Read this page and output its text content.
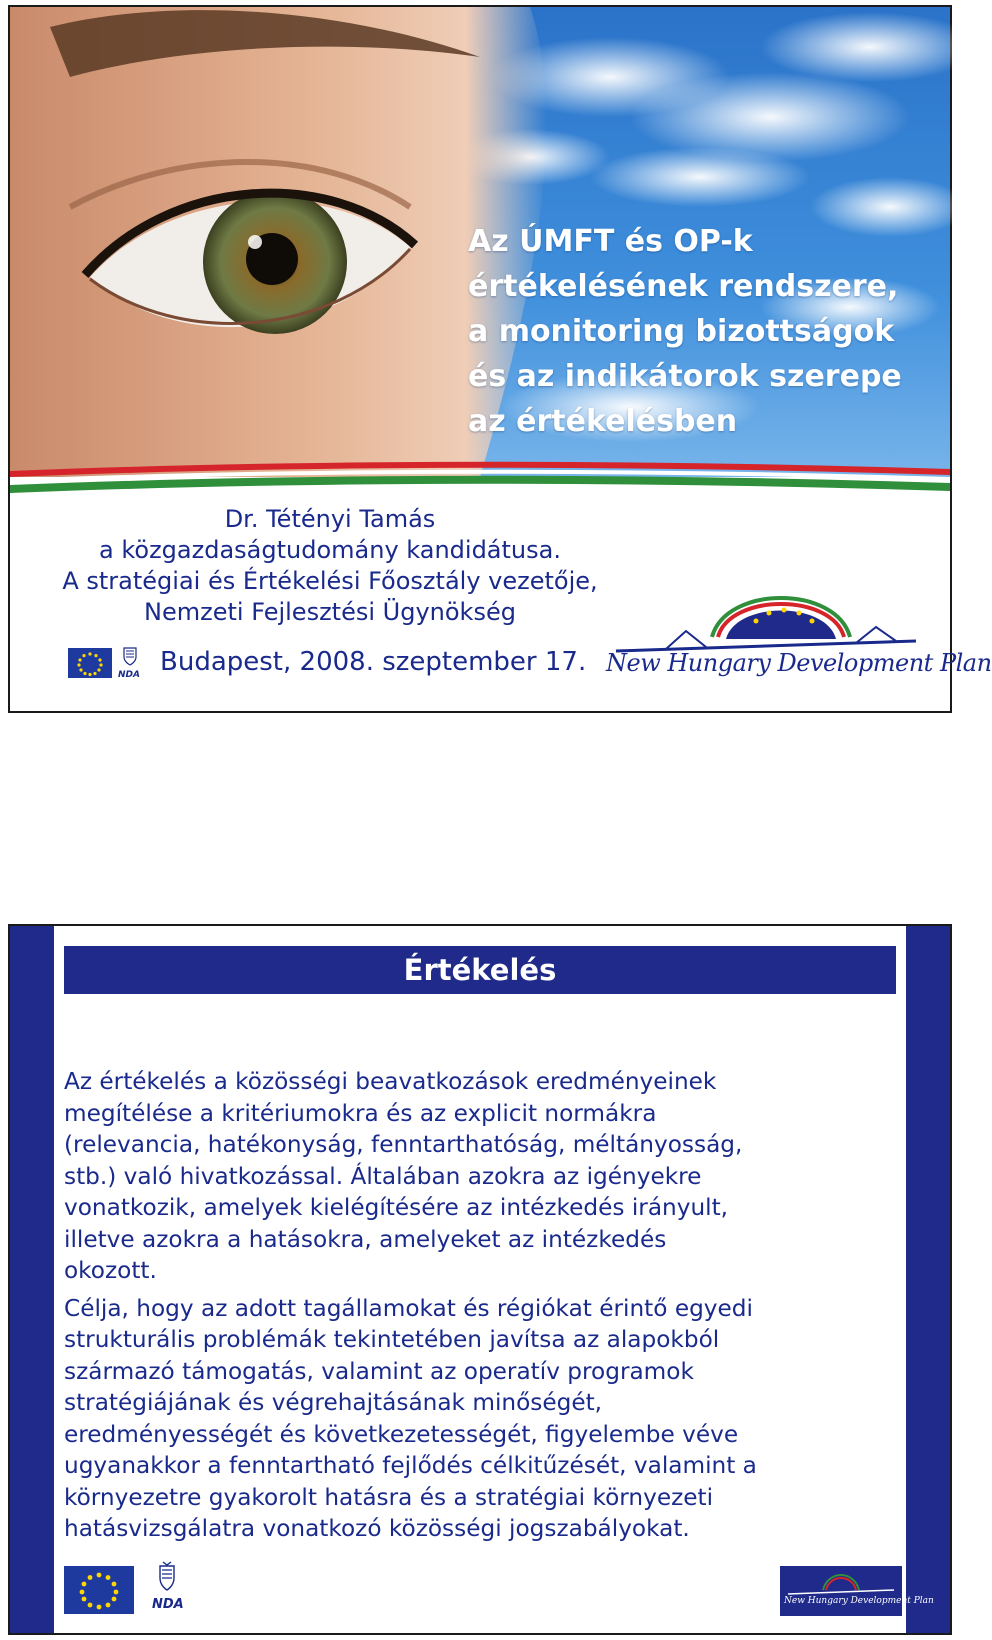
Az ÚMFT és OP-k
értékelésének rendszere,
a monitoring bizottságok
és az indikátorok szerepe
az értékelésben
Dr. Tétényi Tamás
a közgazdaságtudomány kandidátusa.
A stratégiai és Értékelési Főosztály vezetője,
Nemzeti Fejlesztési Ügynökség
NDA Budapest, 2008. szeptember 17. New Hungary Development Plan
Értékelés

Az értékelés a közösségi beavatkozások eredményeinek
megítélése a kritériumokra és az explicit normákra
(relevancia, hatékonyság, fenntarthatóság, méltányosság,
stb.) való hivatkozással. Általában azokra az igényekre
vonatkozik, amelyek kielégítésére az intézkedés irányult,
illetve azokra a hatásokra, amelyeket az intézkedés
okozott.

Célja, hogy az adott tagállamokat és régiókat érintő egyedi
strukturális problémák tekintetében javítsa az alapokból
származó támogatás, valamint az operatív programok
stratégiájának és végrehajtásának minőségét,
eredményességét és következetességét, figyelembe véve
ugyanakkor a fenntartható fejlődés célkitűzését, valamint a
környezetre gyakorolt hatásra és a stratégiai környezeti
hatásvizsgálatra vonatkozó közösségi jogszabályokat.

NDA	New Hungary Development Plan
